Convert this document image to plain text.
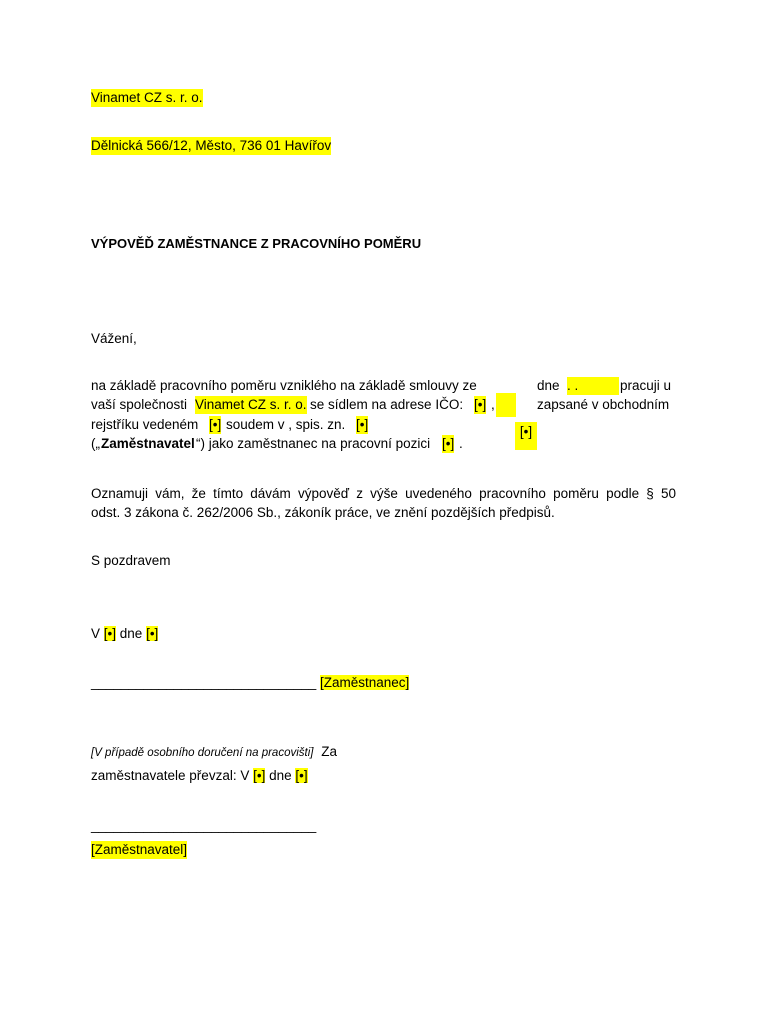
Vinamet CZ s. r. o.
Dělnická 566/12, Město, 736 01 Havířov
VÝPOVĚĎ ZAMĚSTNANCE Z PRACOVNÍHO POMĚRU
Vážení,
na základě pracovního poměru vzniklého na základě smlouvy ze	dne . .	pracuji u
vaší společnosti Vinamet CZ s. r. o. se sídlem na adrese IČO: [•] ,	zapsané v obchodním
rejstříku vedeném [•] soudem v , spis. zn. [•]	[•]
(„ Zaměstnavatel “) jako zaměstnanec na pracovní pozici [•] .
Oznamuji vám, že tímto dávám výpověď z výše uvedeného pracovního poměru podle § 50
odst. 3 zákona č. 262/2006 Sb., zákoník práce, ve znění pozdějších předpisů.
S pozdravem
V [•] dne [•]
______________________________ [Zaměstnanec]
[V případě osobního doručení na pracovišti] Za
zaměstnavatele převzal: V [•] dne [•]
______________________________
[Zaměstnavatel]
